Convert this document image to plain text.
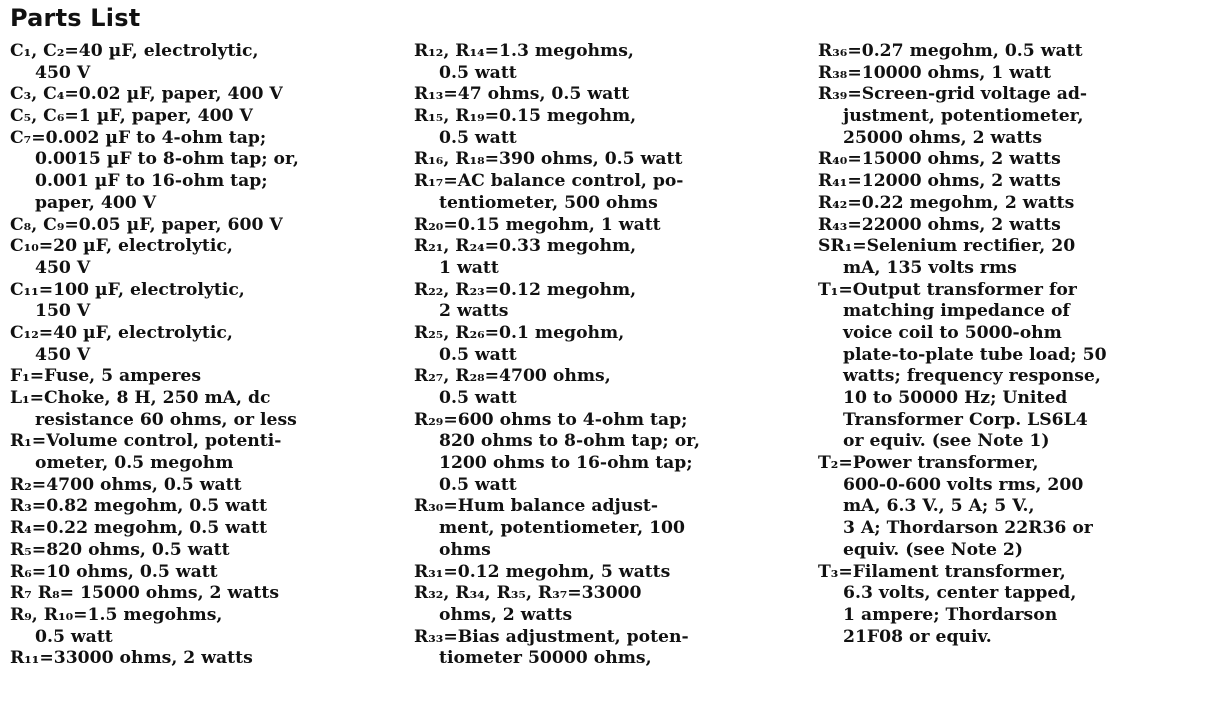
Parts List
C₁, C₂=40 µF, electrolytic,
450 V
C₃, C₄=0.02 µF, paper, 400 V
C₅, C₆=1 µF, paper, 400 V
C₇=0.002 µF to 4-ohm tap;
0.0015 µF to 8-ohm tap; or,
0.001 µF to 16-ohm tap;
paper, 400 V
C₈, C₉=0.05 µF, paper, 600 V
C₁₀=20 µF, electrolytic,
450 V
C₁₁=100 µF, electrolytic,
150 V
C₁₂=40 µF, electrolytic,
450 V
F₁=Fuse, 5 amperes
L₁=Choke, 8 H, 250 mA, dc
resistance 60 ohms, or less
R₁=Volume control, potenti-
ometer, 0.5 megohm
R₂=4700 ohms, 0.5 watt
R₃=0.82 megohm, 0.5 watt
R₄=0.22 megohm, 0.5 watt
R₅=820 ohms, 0.5 watt
R₆=10 ohms, 0.5 watt
R₇ R₈= 15000 ohms, 2 watts
R₉, R₁₀=1.5 megohms,
0.5 watt
R₁₁=33000 ohms, 2 watts
R₁₂, R₁₄=1.3 megohms,
0.5 watt
R₁₃=47 ohms, 0.5 watt
R₁₅, R₁₉=0.15 megohm,
0.5 watt
R₁₆, R₁₈=390 ohms, 0.5 watt
R₁₇=AC balance control, po-
tentiometer, 500 ohms
R₂₀=0.15 megohm, 1 watt
R₂₁, R₂₄=0.33 megohm,
1 watt
R₂₂, R₂₃=0.12 megohm,
2 watts
R₂₅, R₂₆=0.1 megohm,
0.5 watt
R₂₇, R₂₈=4700 ohms,
0.5 watt
R₂₉=600 ohms to 4-ohm tap;
820 ohms to 8-ohm tap; or,
1200 ohms to 16-ohm tap;
0.5 watt
R₃₀=Hum balance adjust-
ment, potentiometer, 100
ohms
R₃₁=0.12 megohm, 5 watts
R₃₂, R₃₄, R₃₅, R₃₇=33000
ohms, 2 watts
R₃₃=Bias adjustment, poten-
tiometer 50000 ohms,
R₃₆=0.27 megohm, 0.5 watt
R₃₈=10000 ohms, 1 watt
R₃₉=Screen-grid voltage ad-
justment, potentiometer,
25000 ohms, 2 watts
R₄₀=15000 ohms, 2 watts
R₄₁=12000 ohms, 2 watts
R₄₂=0.22 megohm, 2 watts
R₄₃=22000 ohms, 2 watts
SR₁=Selenium rectifier, 20
mA, 135 volts rms
T₁=Output transformer for
matching impedance of
voice coil to 5000-ohm
plate-to-plate tube load; 50
watts; frequency response,
10 to 50000 Hz; United
Transformer Corp. LS6L4
or equiv. (see Note 1)
T₂=Power transformer,
600-0-600 volts rms, 200
mA, 6.3 V., 5 A; 5 V.,
3 A; Thordarson 22R36 or
equiv. (see Note 2)
T₃=Filament transformer,
6.3 volts, center tapped,
1 ampere; Thordarson
21F08 or equiv.
